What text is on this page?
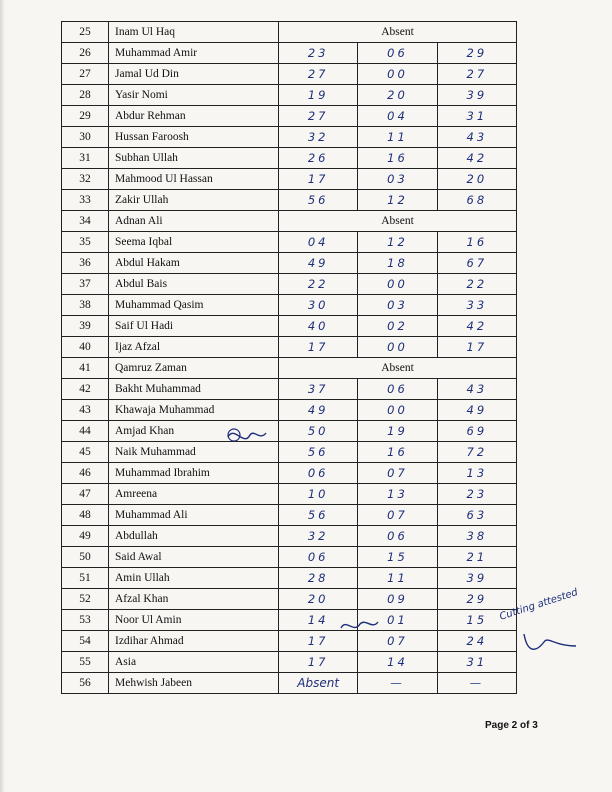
25	Inam Ul Haq	Absent		
26	Muhammad Amir	23	06	29
27	Jamal Ud Din	27	00	27
28	Yasir Nomi	19	20	39
29	Abdur Rehman	27	04	31
30	Hussan Faroosh	32	11	43
31	Subhan Ullah	26	16	42
32	Mahmood Ul Hassan	17	03	20
33	Zakir Ullah	56	12	68
34	Adnan Ali	Absent		
35	Seema Iqbal	04	12	16
36	Abdul Hakam	49	18	67
37	Abdul Bais	22	00	22
38	Muhammad Qasim	30	03	33
39	Saif Ul Hadi	40	02	42
40	Ijaz Afzal	17	00	17
41	Qamruz Zaman	Absent		
42	Bakht Muhammad	37	06	43
43	Khawaja Muhammad	49	00	49
44	Amjad Khan	50	19	69
45	Naik Muhammad	56	16	72
46	Muhammad Ibrahim	06	07	13
47	Amreena	10	13	23
48	Muhammad Ali	56	07	63
49	Abdullah	32	06	38
50	Said Awal	06	15	21
51	Amin Ullah	28	11	39
52	Afzal Khan	20	09	29
53	Noor Ul Amin	14	01	15
54	Izdihar Ahmad	17	07	24
55	Asia	17	14	31
56	Mehwish Jabeen	Absent	—	—
Page 2 of 3
Cutting attested
